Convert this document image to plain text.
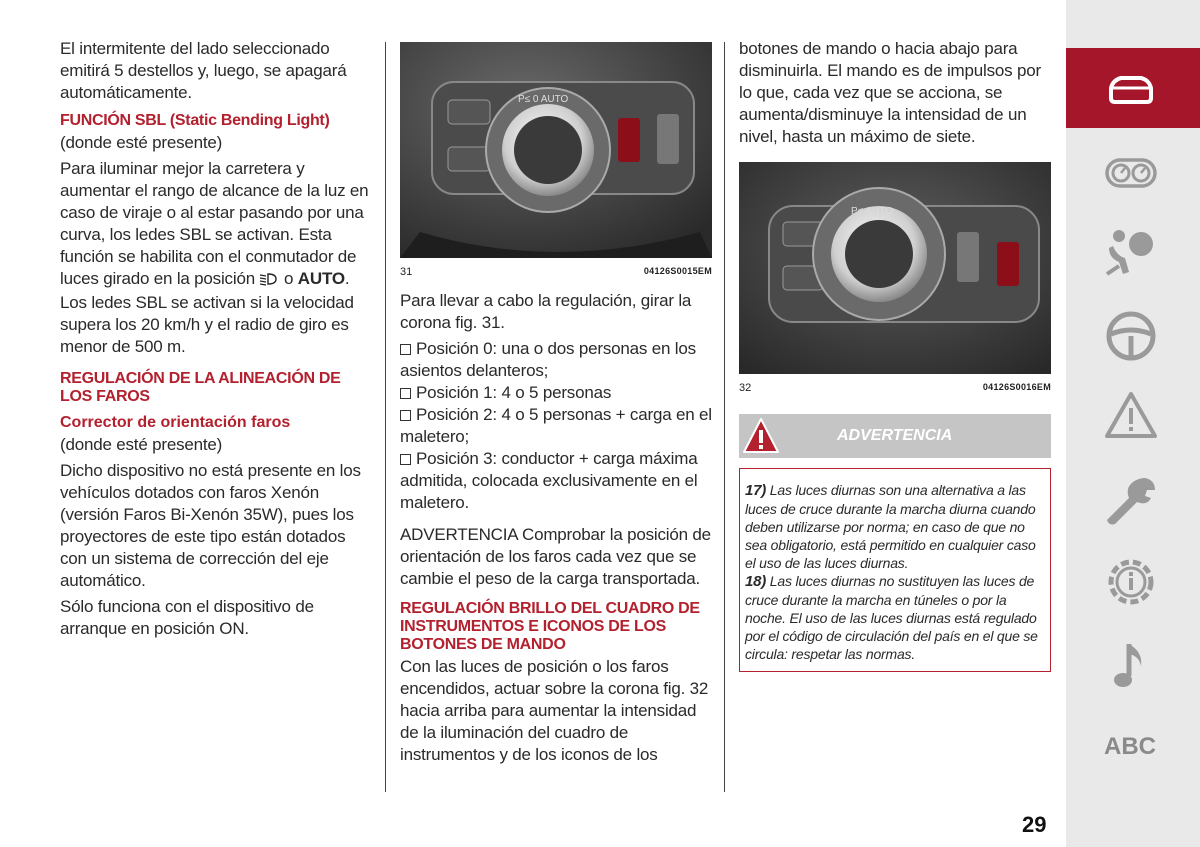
El intermitente del lado seleccionado emitirá 5 destellos y, luego, se apagará automáticamente.

FUNCIÓN SBL (Static Bending Light)

(donde esté presente)

Para iluminar mejor la carretera y aumentar el rango de alcance de la luz en caso de viraje o al estar pasando por una curva, los ledes SBL se activan. Esta función se habilita con el conmutador de luces girado en la posición  o AUTO. Los ledes SBL se activan si la velocidad supera los 20 km/h y el radio de giro es menor de 500 m.

REGULACIÓN DE LA ALINEACIÓN DE LOS FAROS
Corrector de orientación faros

(donde esté presente)

Dicho dispositivo no está presente en los vehículos dotados con faros Xenón (versión Faros Bi-Xenón 35W), pues los proyectores de este tipo están dotados con un sistema de corrección del eje automático.

Sólo funciona con el dispositivo de arranque en posición ON.

P≤ 0 AUTO
31	04126S0015EM

Para llevar a cabo la regulación, girar la corona fig. 31.

Posición 0: una o dos personas en los asientos delanteros;

Posición 1: 4 o 5 personas

Posición 2: 4 o 5 personas + carga en el maletero;

Posición 3: conductor + carga máxima admitida, colocada exclusivamente en el maletero.

ADVERTENCIA Comprobar la posición de orientación de los faros cada vez que se cambie el peso de la carga transportada.

REGULACIÓN BRILLO DEL CUADRO DE INSTRUMENTOS E ICONOS DE LOS BOTONES DE MANDO

Con las luces de posición o los faros encendidos, actuar sobre la corona fig. 32 hacia arriba para aumentar la intensidad de la iluminación del cuadro de instrumentos y de los iconos de los

botones de mando o hacia abajo para disminuirla. El mando es de impulsos por lo que, cada vez que se acciona, se aumenta/disminuye la intensidad de un nivel, hasta un máximo de siete.

P≤ AUTO
32	04126S0016EM
ADVERTENCIA

17) Las luces diurnas son una alternativa a las luces de cruce durante la marcha diurna cuando deben utilizarse por norma; en caso de que no sea obligatorio, está permitido en cualquier caso el uso de las luces diurnas.

18) Las luces diurnas no sustituyen las luces de cruce durante la marcha en túneles o por la noche. El uso de las luces diurnas está regulado por el código de circulación del país en el que se circula: respetar las normas.

ABC
29
